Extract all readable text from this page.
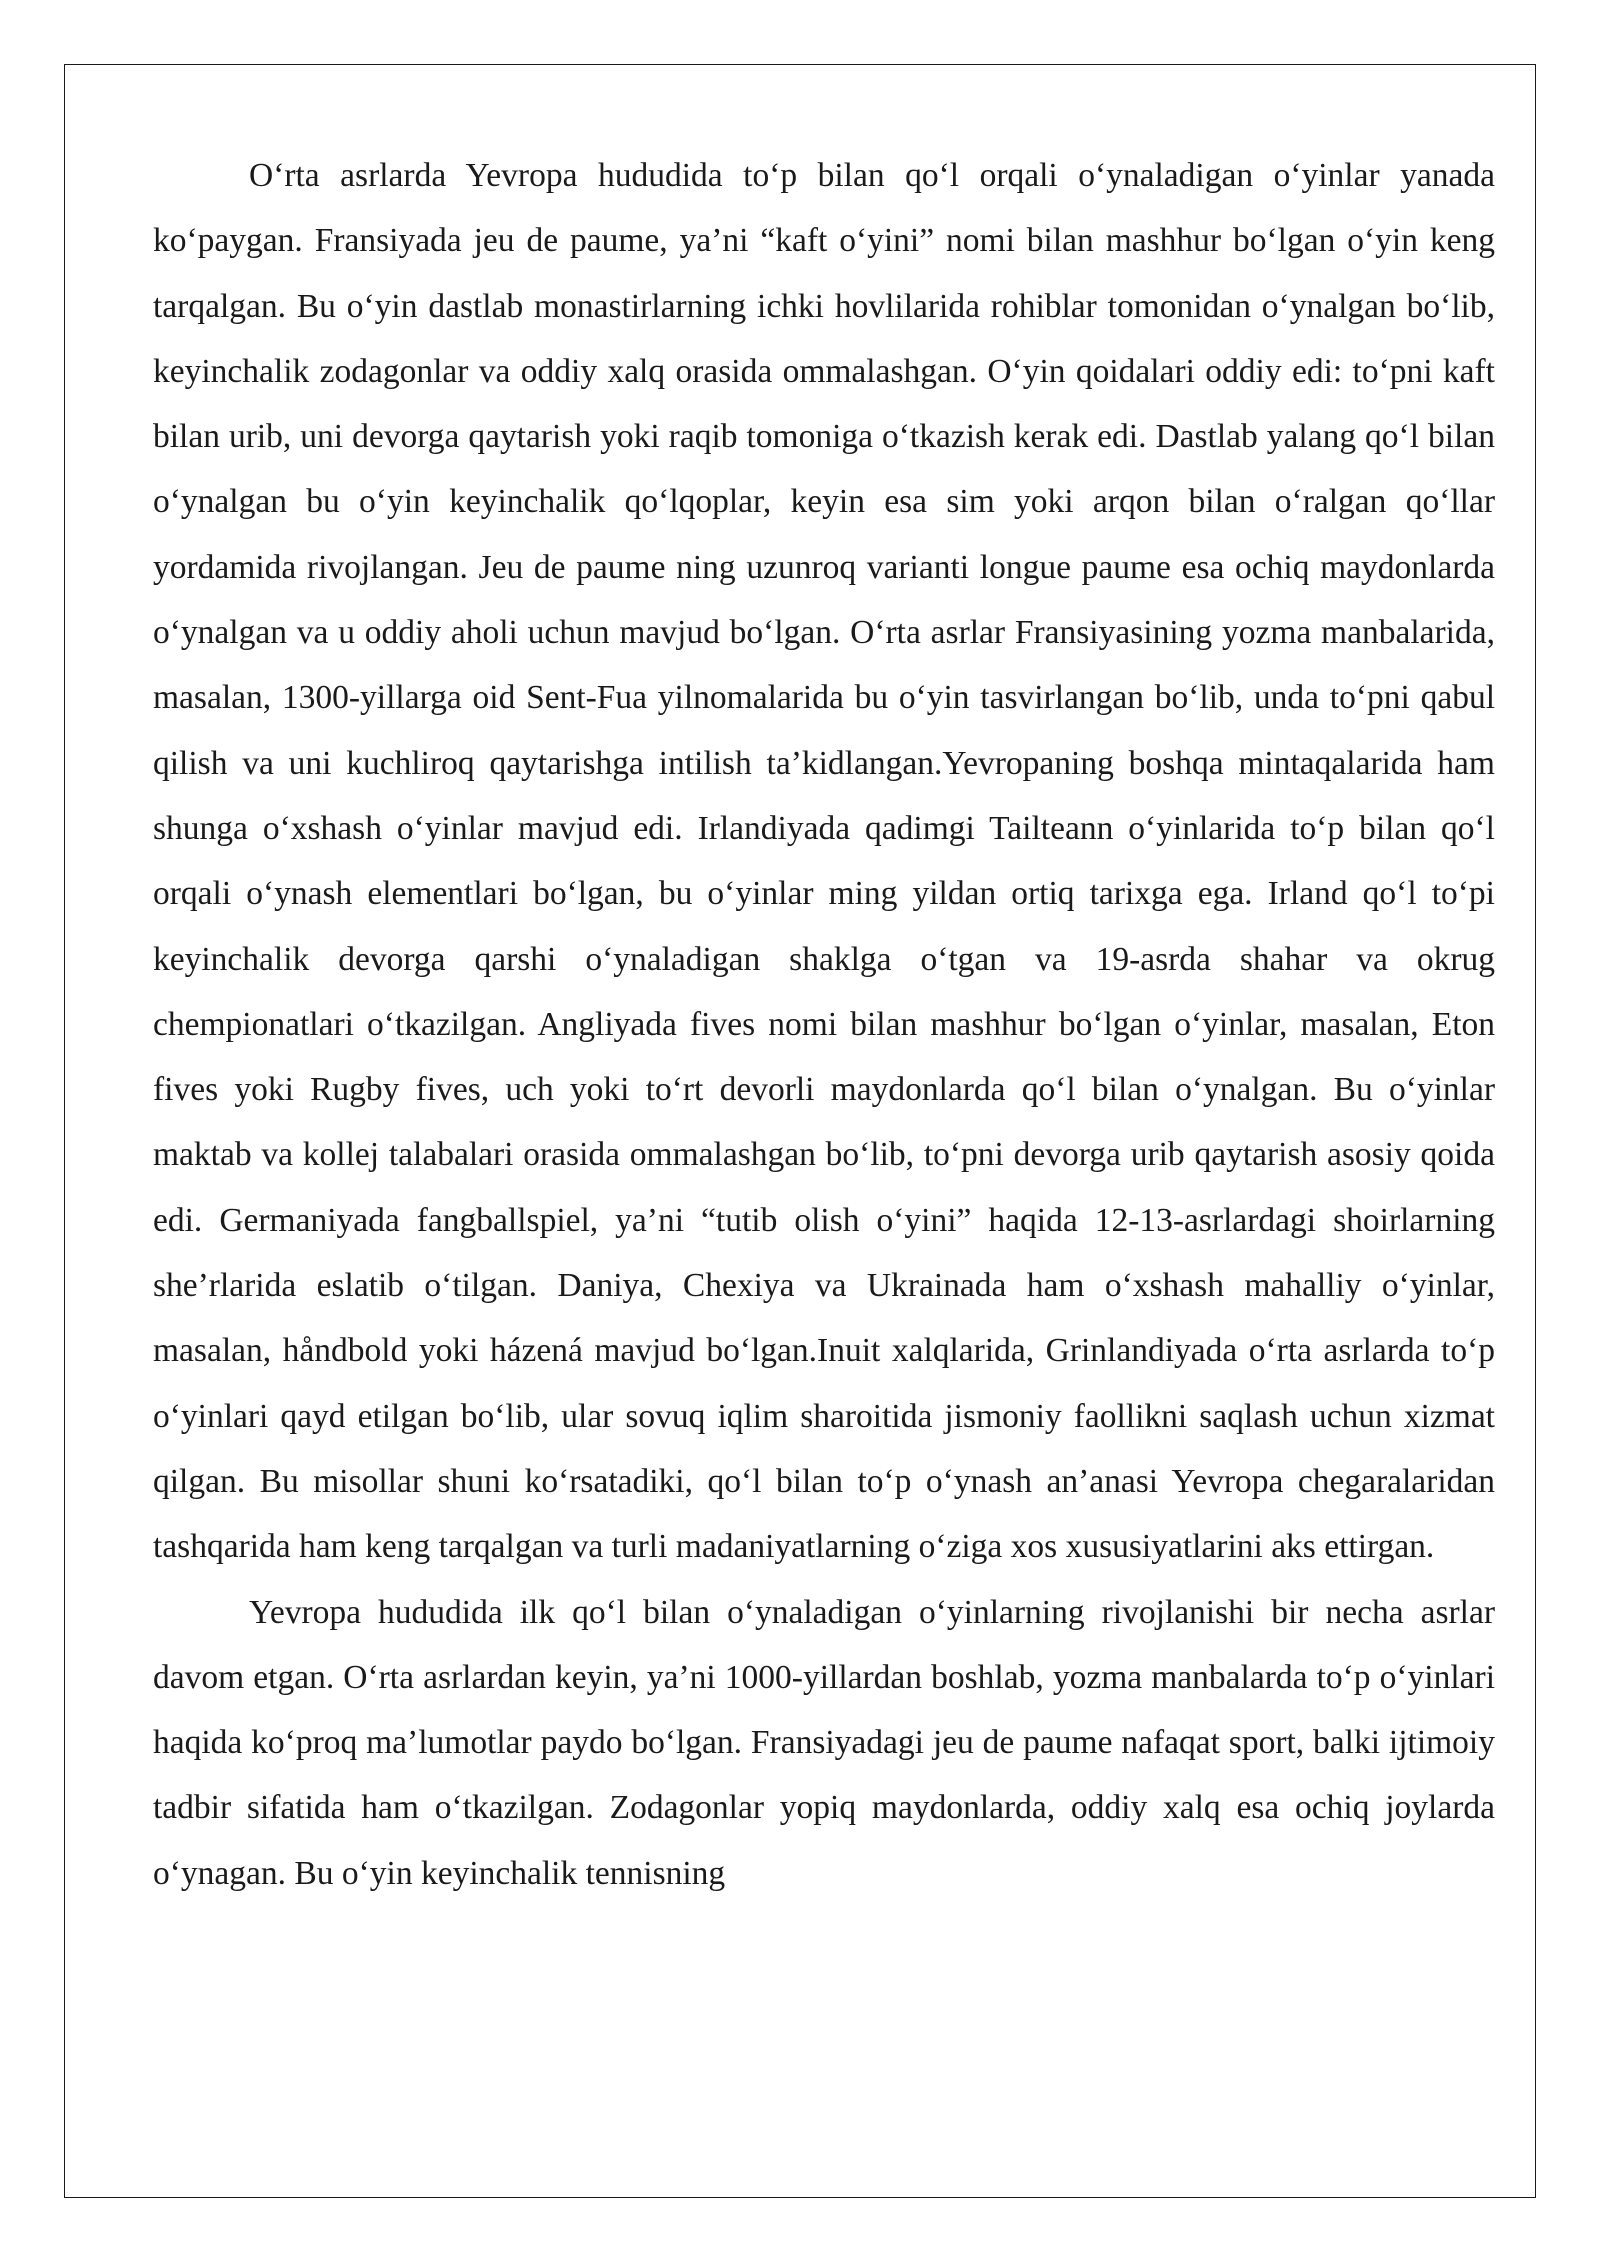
O‘rta asrlarda Yevropa hududida to‘p bilan qo‘l orqali o‘ynaladigan o‘yinlar yanada ko‘paygan. Fransiyada jeu de paume, ya’ni “kaft o‘yini” nomi bilan mashhur bo‘lgan o‘yin keng tarqalgan. Bu o‘yin dastlab monastirlarning ichki hovlilarida rohiblar tomonidan o‘ynalgan bo‘lib, keyinchalik zodagonlar va oddiy xalq orasida ommalashgan. O‘yin qoidalari oddiy edi: to‘pni kaft bilan urib, uni devorga qaytarish yoki raqib tomoniga o‘tkazish kerak edi. Dastlab yalang qo‘l bilan o‘ynalgan bu o‘yin keyinchalik qo‘lqoplar, keyin esa sim yoki arqon bilan o‘ralgan qo‘llar yordamida rivojlangan. Jeu de paume ning uzunroq varianti longue paume esa ochiq maydonlarda o‘ynalgan va u oddiy aholi uchun mavjud bo‘lgan. O‘rta asrlar Fransiyasining yozma manbalarida, masalan, 1300-yillarga oid Sent-Fua yilnomalarida bu o‘yin tasvirlangan bo‘lib, unda to‘pni qabul qilish va uni kuchliroq qaytarishga intilish ta’kidlangan.Yevropaning boshqa mintaqalarida ham shunga o‘xshash o‘yinlar mavjud edi. Irlandiyada qadimgi Tailteann o‘yinlarida to‘p bilan qo‘l orqali o‘ynash elementlari bo‘lgan, bu o‘yinlar ming yildan ortiq tarixga ega. Irland qo‘l to‘pi keyinchalik devorga qarshi o‘ynaladigan shaklga o‘tgan va 19-asrda shahar va okrug chempionatlari o‘tkazilgan. Angliyada fives nomi bilan mashhur bo‘lgan o‘yinlar, masalan, Eton fives yoki Rugby fives, uch yoki to‘rt devorli maydonlarda qo‘l bilan o‘ynalgan. Bu o‘yinlar maktab va kollej talabalari orasida ommalashgan bo‘lib, to‘pni devorga urib qaytarish asosiy qoida edi. Germaniyada fangballspiel, ya’ni “tutib olish o‘yini” haqida 12-13-asrlardagi shoirlarning she’rlarida eslatib o‘tilgan. Daniya, Chexiya va Ukrainada ham o‘xshash mahalliy o‘yinlar, masalan, håndbold yoki házená mavjud bo‘lgan.Inuit xalqlarida, Grinlandiyada o‘rta asrlarda to‘p o‘yinlari qayd etilgan bo‘lib, ular sovuq iqlim sharoitida jismoniy faollikni saqlash uchun xizmat qilgan. Bu misollar shuni ko‘rsatadiki, qo‘l bilan to‘p o‘ynash an’anasi Yevropa chegaralaridan tashqarida ham keng tarqalgan va turli madaniyatlarning o‘ziga xos xususiyatlarini aks ettirgan.

Yevropa hududida ilk qo‘l bilan o‘ynaladigan o‘yinlarning rivojlanishi bir necha asrlar davom etgan. O‘rta asrlardan keyin, ya’ni 1000-yillardan boshlab, yozma manbalarda to‘p o‘yinlari haqida ko‘proq ma’lumotlar paydo bo‘lgan. Fransiyadagi jeu de paume nafaqat sport, balki ijtimoiy tadbir sifatida ham o‘tkazilgan. Zodagonlar yopiq maydonlarda, oddiy xalq esa ochiq joylarda o‘ynagan. Bu o‘yin keyinchalik tennisning
